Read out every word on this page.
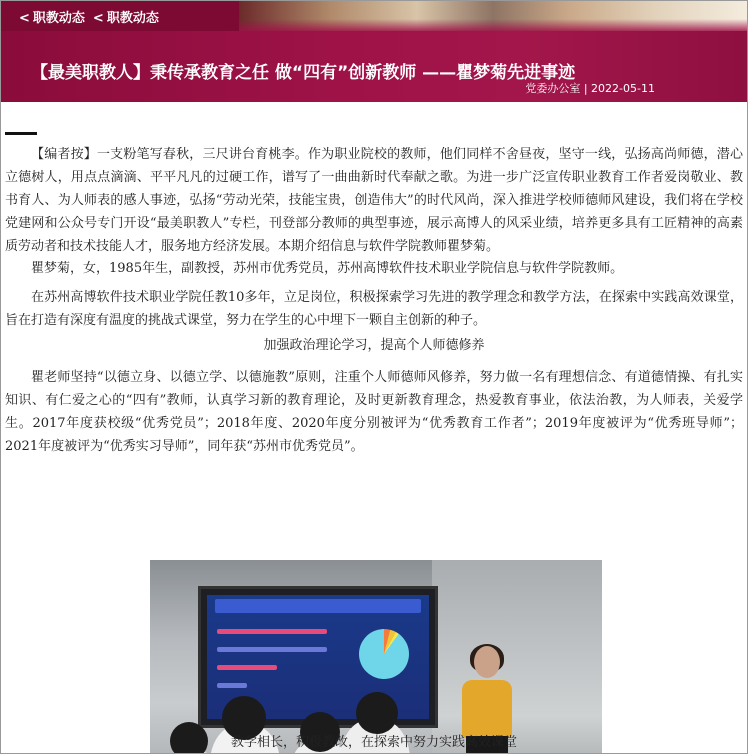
< 职教动态 < 职教动态
【最美职教人】秉传承教育之任 做“四有”创新教师 ——瞿梦菊先进事迹
党委办公室 | 2022-05-11

【编者按】一支粉笔写春秋，三尺讲台育桃李。作为职业院校的教师，他们同样不舍昼夜，坚守一线，弘扬高尚师德，潜心立德树人，用点点滴滴、平平凡凡的过硬工作，谱写了一曲曲新时代奉献之歌。为进一步广泛宣传职业教育工作者爱岗敬业、教书育人、为人师表的感人事迹，弘扬“劳动光荣，技能宝贵，创造伟大”的时代风尚，深入推进学校师德师风建设，我们将在学校党建网和公众号专门开设“最美职教人”专栏，刊登部分教师的典型事迹，展示高博人的风采业绩，培养更多具有工匠精神的高素质劳动者和技术技能人才，服务地方经济发展。本期介绍信息与软件学院教师瞿梦菊。

瞿梦菊，女，1985年生，副教授，苏州市优秀党员，苏州高博软件技术职业学院信息与软件学院教师。

在苏州高博软件技术职业学院任教10多年，立足岗位，积极探索学习先进的教学理念和教学方法，在探索中实践高效课堂，旨在打造有深度有温度的挑战式课堂，努力在学生的心中埋下一颗自主创新的种子。

加强政治理论学习，提高个人师德修养

瞿老师坚持“以德立身、以德立学、以德施教”原则，注重个人师德师风修养，努力做一名有理想信念、有道德情操、有扎实知识、有仁爱之心的“四有”教师，认真学习新的教育理论，及时更新教育理念，热爱教育事业，依法治教，为人师表，关爱学生。2017年度获校级“优秀党员”；2018年度、2020年度分别被评为“优秀教育工作者”；2019年度被评为“优秀班导师”；2021年度被评为“优秀实习导师”，同年获“苏州市优秀党员”。

教学相长，积极教改，在探索中努力实践高效课堂
